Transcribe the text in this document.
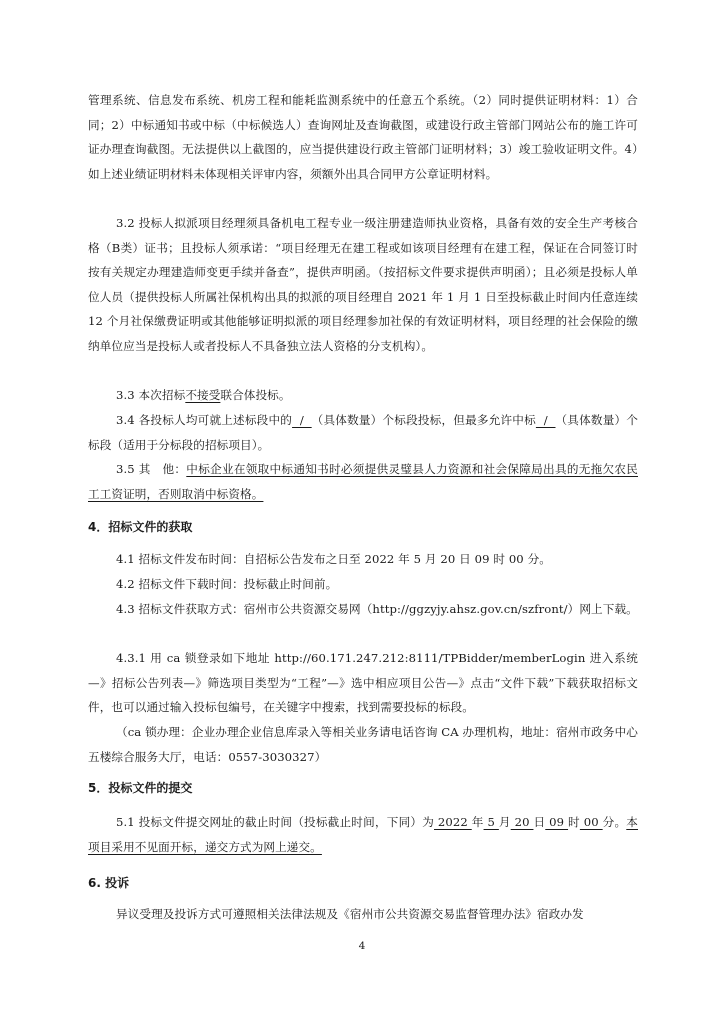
管理系统、信息发布系统、机房工程和能耗监测系统中的任意五个系统。（2）同时提供证明材料：1）合同；2）中标通知书或中标（中标候选人）查询网址及查询截图，或建设行政主管部门网站公布的施工许可证办理查询截图。无法提供以上截图的，应当提供建设行政主管部门证明材料；3）竣工验收证明文件。4）如上述业绩证明材料未体现相关评审内容，须额外出具合同甲方公章证明材料。
3.2 投标人拟派项目经理须具备机电工程专业一级注册建造师执业资格，具备有效的安全生产考核合格（B类）证书；且投标人须承诺：“项目经理无在建工程或如该项目经理有在建工程，保证在合同签订时按有关规定办理建造师变更手续并备查”，提供声明函。（按招标文件要求提供声明函）；且必须是投标人单位人员（提供投标人所属社保机构出具的拟派的项目经理自 2021 年 1 月 1 日至投标截止时间内任意连续 12 个月社保缴费证明或其他能够证明拟派的项目经理参加社保的有效证明材料，项目经理的社会保险的缴纳单位应当是投标人或者投标人不具备独立法人资格的分支机构）。
3.3 本次招标不接受联合体投标。
3.4 各投标人均可就上述标段中的  /  （具体数量）个标段投标，但最多允许中标  /  （具体数量）个标段（适用于分标段的招标项目）。
3.5 其　他：中标企业在领取中标通知书时必须提供灵璧县人力资源和社会保障局出具的无拖欠农民工工资证明，否则取消中标资格。
4．招标文件的获取
4.1 招标文件发布时间：自招标公告发布之日至 2022 年 5 月 20 日 09 时 00 分。
4.2 招标文件下载时间：投标截止时间前。
4.3 招标文件获取方式：宿州市公共资源交易网（http://ggzyjy.ahsz.gov.cn/szfront/）网上下载。
4.3.1 用 ca 锁登录如下地址 http://60.171.247.212:8111/TPBidder/memberLogin 进入系统—》招标公告列表—》筛选项目类型为“工程”—》选中相应项目公告—》点击“文件下载”下载获取招标文件，也可以通过输入投标包编号，在关键字中搜索，找到需要投标的标段。
（ca 锁办理：企业办理企业信息库录入等相关业务请电话咨询 CA 办理机构，地址：宿州市政务中心五楼综合服务大厅，电话：0557-3030327）
5．投标文件的提交
5.1 投标文件提交网址的截止时间（投标截止时间，下同）为 2022 年 5 月 20 日 09 时 00 分。本项目采用不见面开标，递交方式为网上递交。
6. 投诉
异议受理及投诉方式可遵照相关法律法规及《宿州市公共资源交易监督管理办法》宿政办发
4
